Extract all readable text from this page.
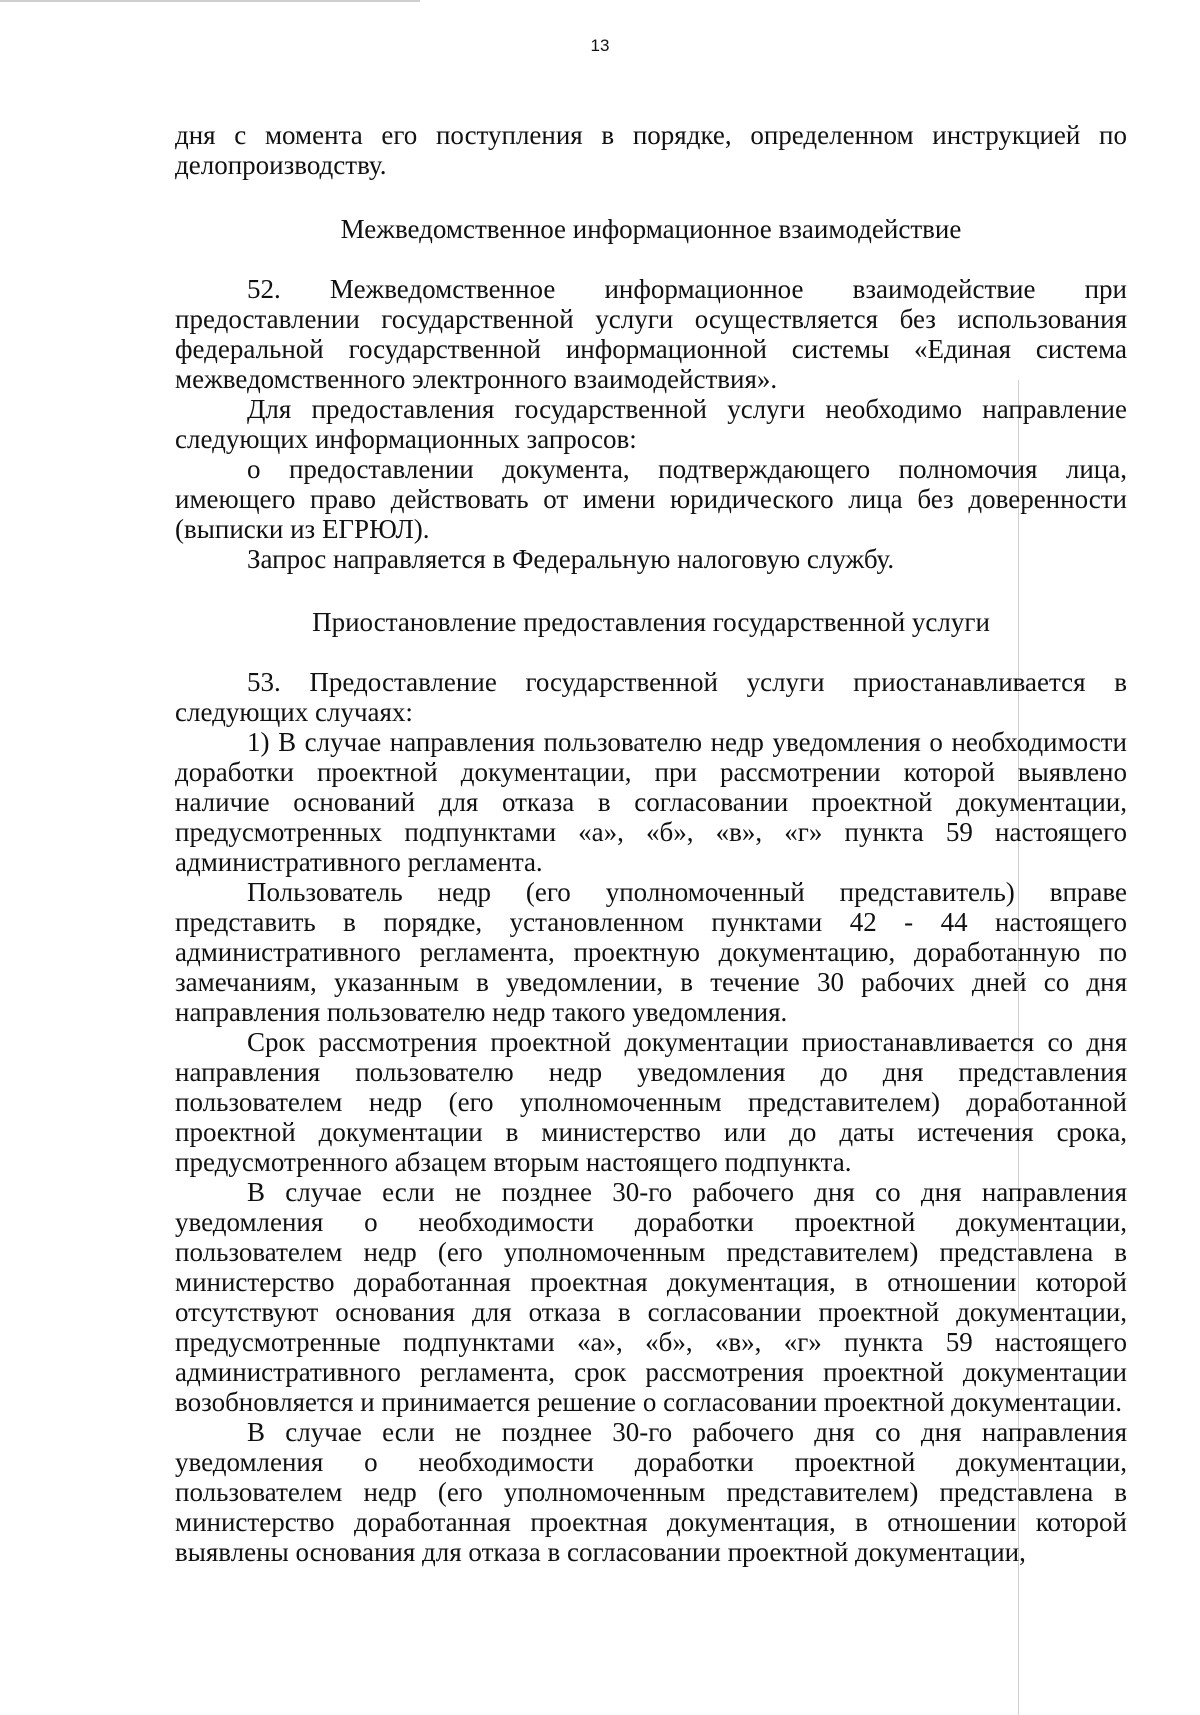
13

дня с момента его поступления в порядке, определенном инструкцией по делопроизводству.

Межведомственное информационное взаимодействие

52. Межведомственное информационное взаимодействие при предоставлении государственной услуги осуществляется без использования федеральной государственной информационной системы «Единая система межведомственного электронного взаимодействия».

Для предоставления государственной услуги необходимо направление следующих информационных запросов:

о предоставлении документа, подтверждающего полномочия лица, имеющего право действовать от имени юридического лица без доверенности (выписки из ЕГРЮЛ).

Запрос направляется в Федеральную налоговую службу.

Приостановление предоставления государственной услуги

53. Предоставление государственной услуги приостанавливается в следующих случаях:

1) В случае направления пользователю недр уведомления о необходимости доработки проектной документации, при рассмотрении которой выявлено наличие оснований для отказа в согласовании проектной документации, предусмотренных подпунктами «а», «б», «в», «г» пункта 59 настоящего административного регламента.

Пользователь недр (его уполномоченный представитель) вправе представить в порядке, установленном пунктами 42 - 44 настоящего административного регламента, проектную документацию, доработанную по замечаниям, указанным в уведомлении, в течение 30 рабочих дней со дня направления пользователю недр такого уведомления.

Срок рассмотрения проектной документации приостанавливается со дня направления пользователю недр уведомления до дня представления пользователем недр (его уполномоченным представителем) доработанной проектной документации в министерство или до даты истечения срока, предусмотренного абзацем вторым настоящего подпункта.

В случае если не позднее 30-го рабочего дня со дня направления уведомления о необходимости доработки проектной документации, пользователем недр (его уполномоченным представителем) представлена в министерство доработанная проектная документация, в отношении которой отсутствуют основания для отказа в согласовании проектной документации, предусмотренные подпунктами «а», «б», «в», «г» пункта 59 настоящего административного регламента, срок рассмотрения проектной документации возобновляется и принимается решение о согласовании проектной документации.

В случае если не позднее 30-го рабочего дня со дня направления уведомления о необходимости доработки проектной документации, пользователем недр (его уполномоченным представителем) представлена в министерство доработанная проектная документация, в отношении которой выявлены основания для отказа в согласовании проектной документации,
